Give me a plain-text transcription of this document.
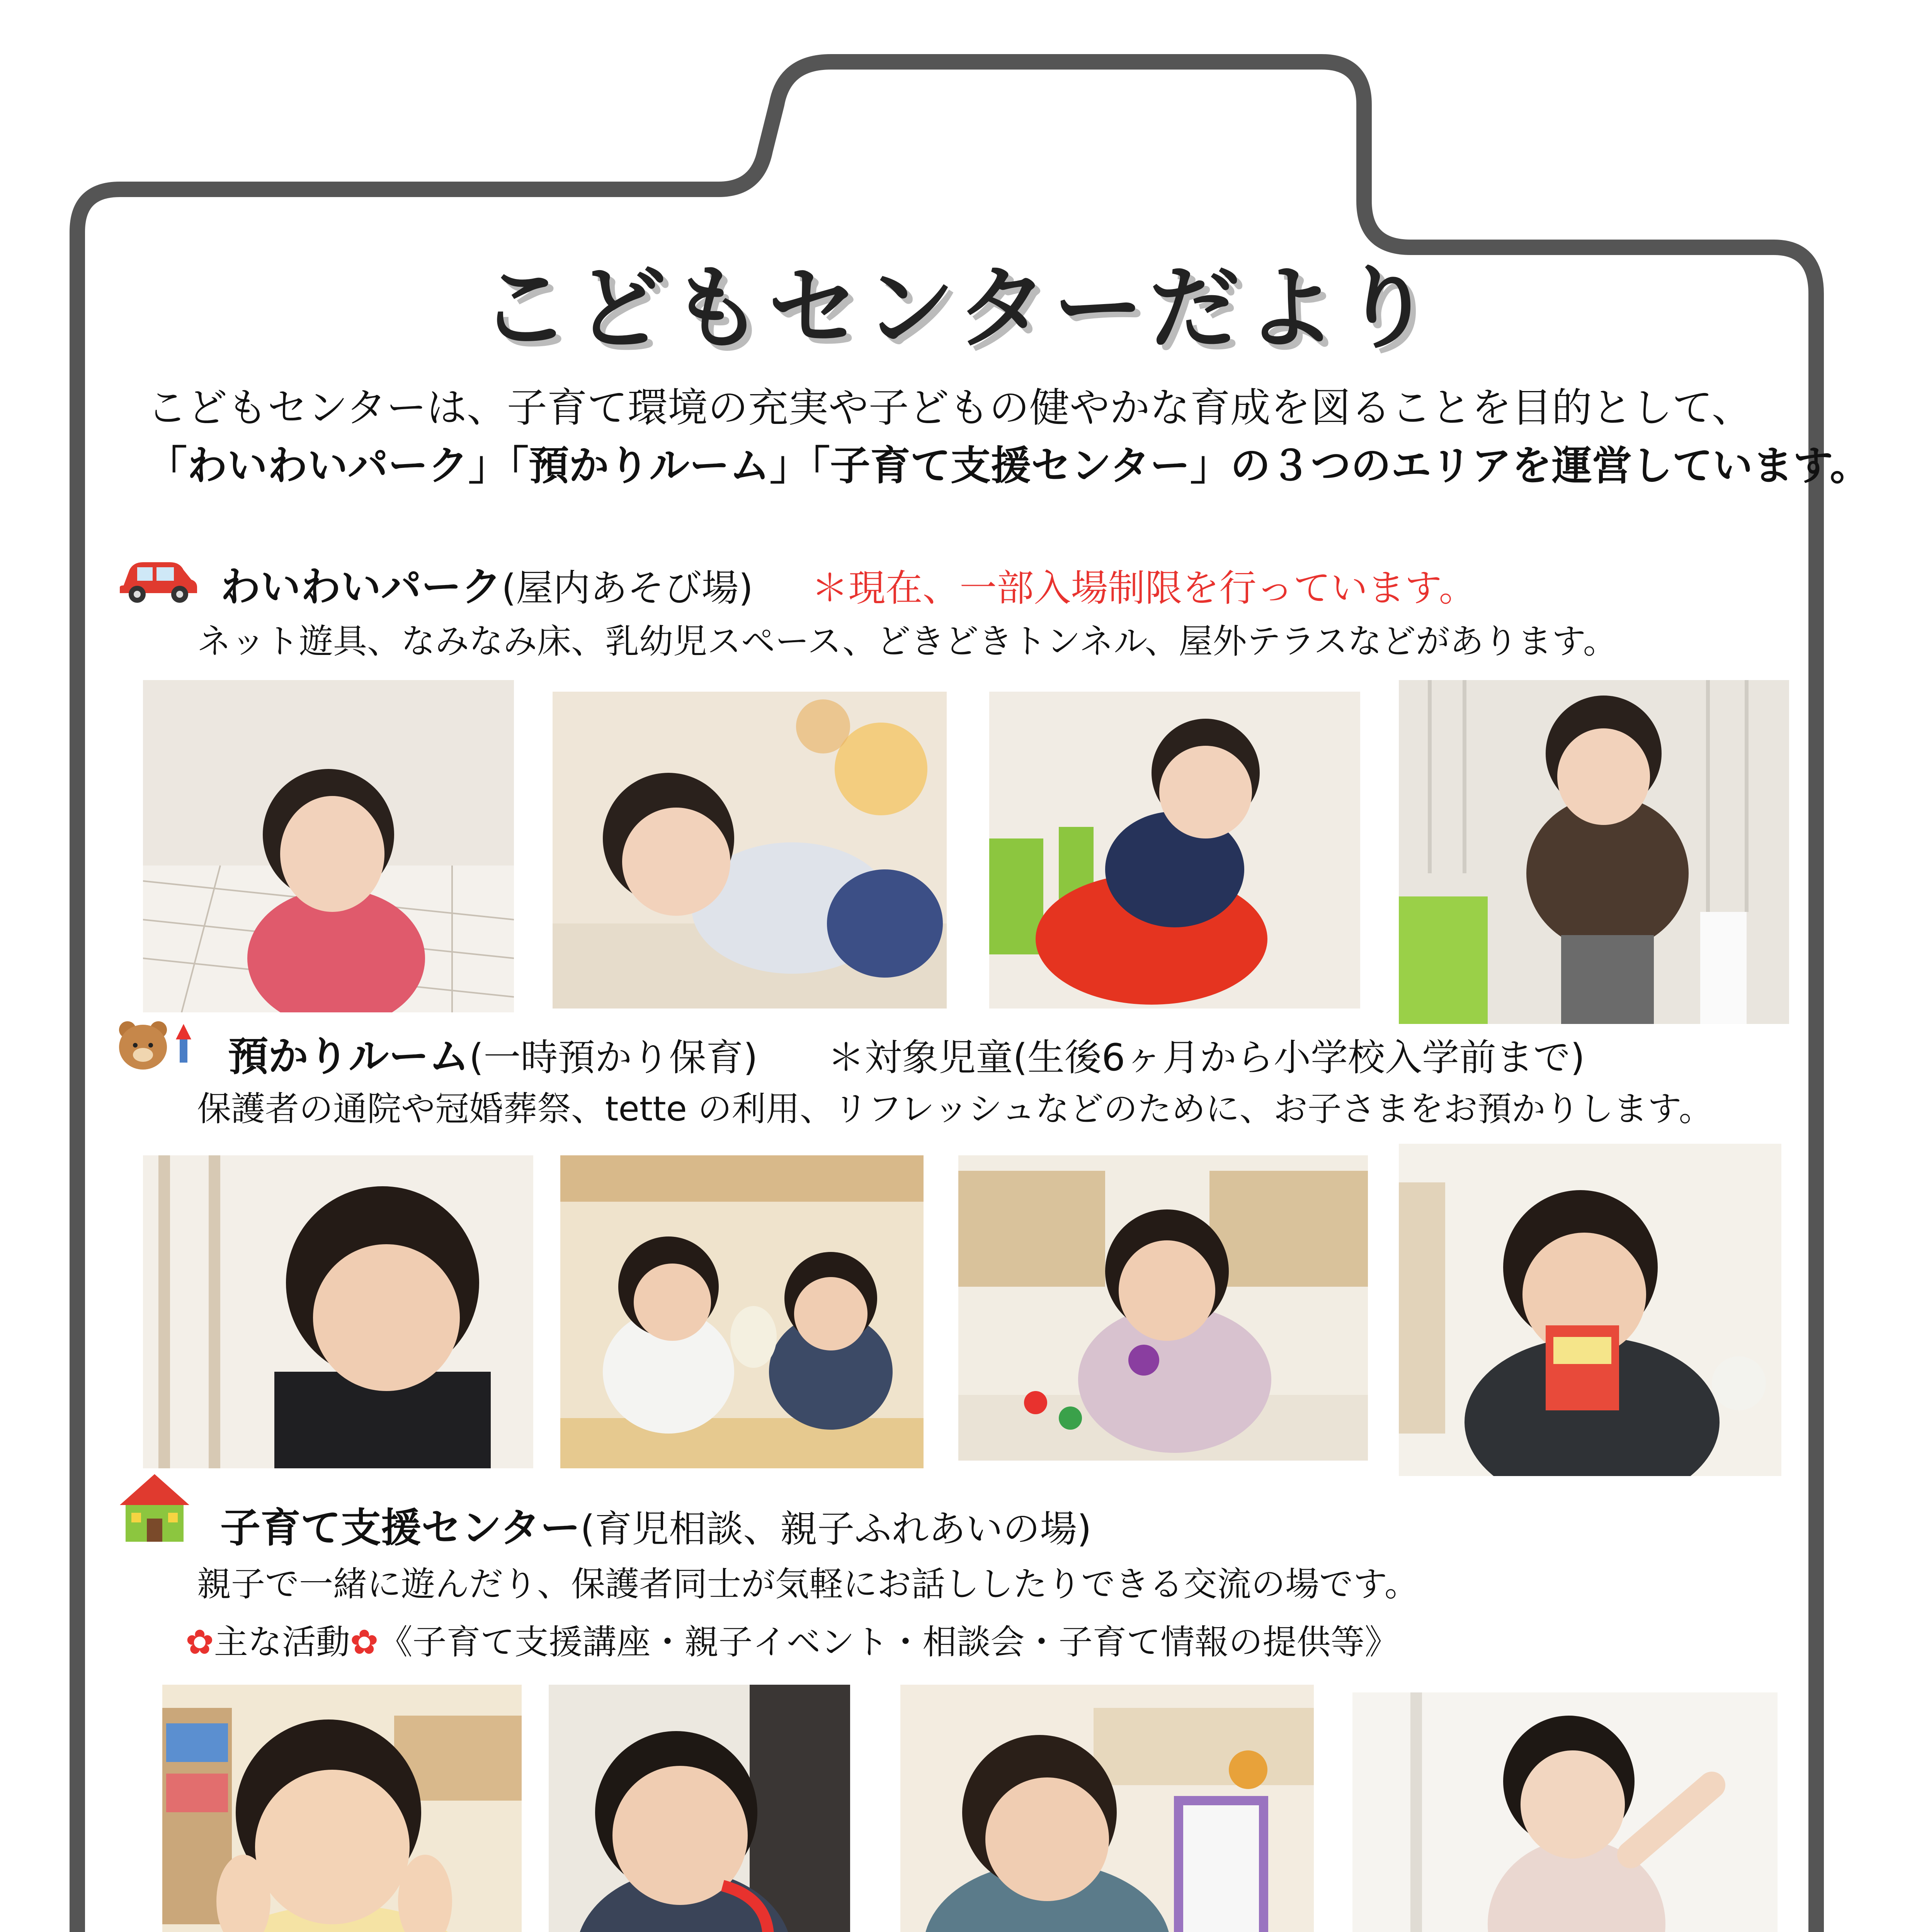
こどもセンターだより
こどもセンターは、子育て環境の充実や子どもの健やかな育成を図ることを目的として、
「わいわいパーク」「預かりルーム」「子育て支援センター」の３つのエリアを運営しています。
わいわいパーク(屋内あそび場) ＊現在、一部入場制限を行っています。
ネット遊具、なみなみ床、乳幼児スペース、どきどきトンネル、屋外テラスなどがあります。
預かりルーム(一時預かり保育) ＊対象児童(生後6ヶ月から小学校入学前まで)
保護者の通院や冠婚葬祭、tette の利用、リフレッシュなどのために、お子さまをお預かりします。
子育て支援センター(育児相談、親子ふれあいの場)
親子で一緒に遊んだり、保護者同士が気軽にお話ししたりできる交流の場です。
✿主な活動✿《子育て支援講座・親子イベント・相談会・子育て情報の提供等》
